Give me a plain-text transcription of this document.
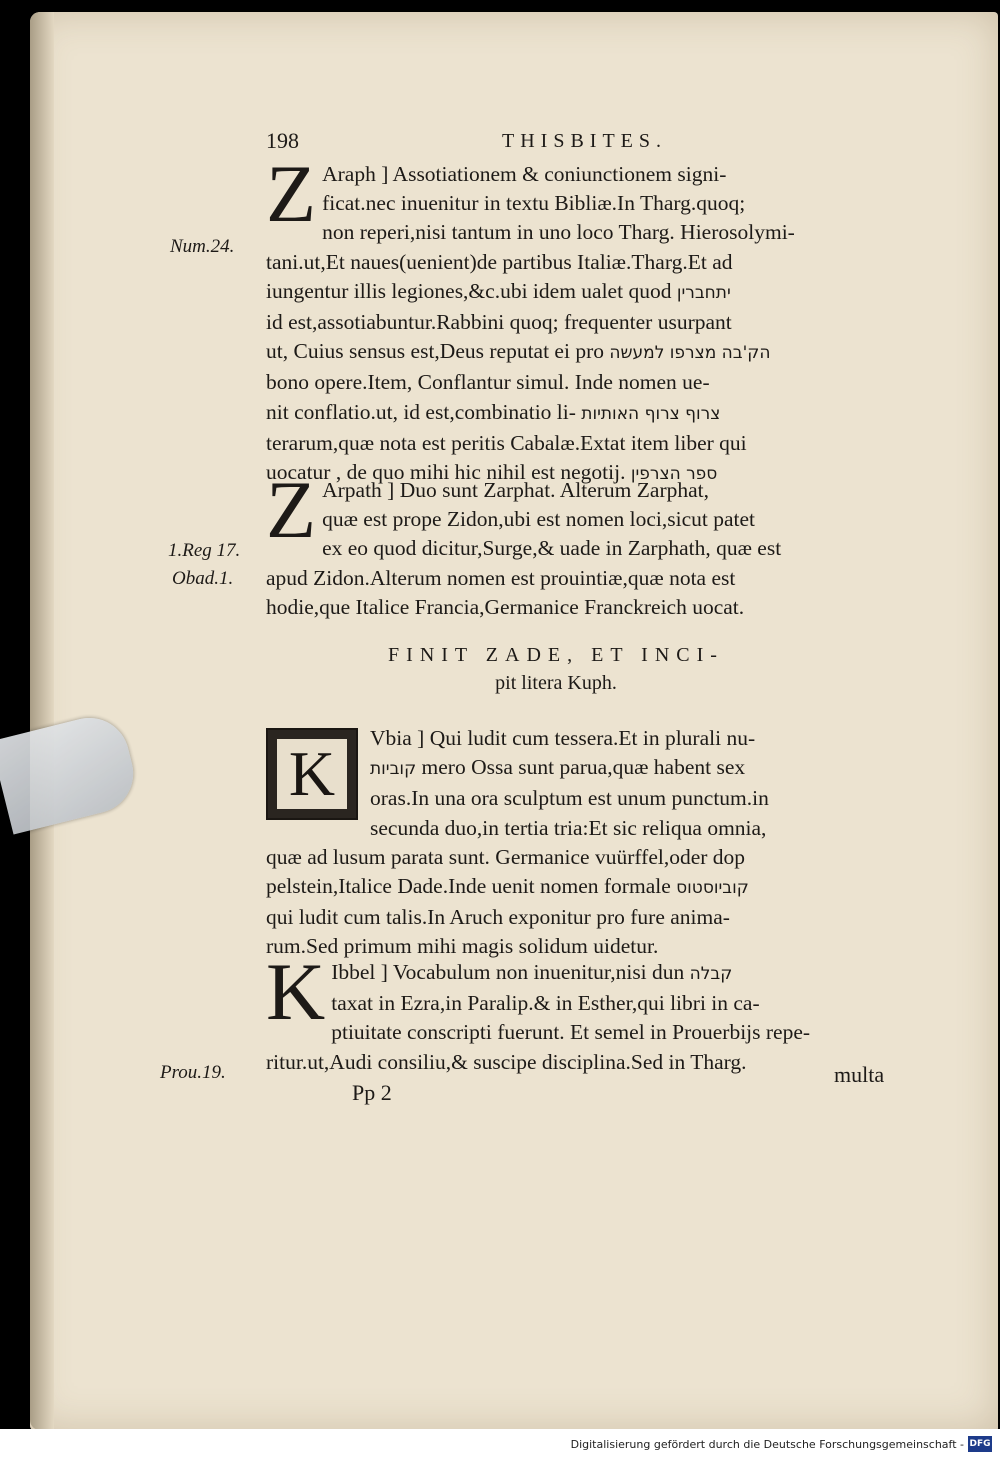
198	THISBITES.
Num.24.
1.Reg 17.
Obad.1.
Prou.19.
Z Araph ] Assotiationem & coniunctionem signi-

ficat.nec inuenitur in textu Bibliæ.In Tharg.quoq;

non reperi,nisi tantum in uno loco Tharg. Hierosolymi-

tani.ut,Et naues(uenient)de partibus Italiæ.Tharg.Et ad

iungentur illis legiones,&c.ubi idem ualet quod יתחברין

id est,assotiabuntur.Rabbini quoq; frequenter usurpant

ut, Cuius sensus est,Deus reputat ei pro הק'בה מצרפו למעשה

bono opere.Item, Conflantur simul. Inde nomen ue-

nit conflatio.ut, id est,combinatio li-	צרוף צרוף האותיות

terarum,quæ nota est peritis Cabalæ.Extat item liber qui

uocatur , de quo mihi hic nihil est negotij. ספר הצרפין

Z Arpath ] Duo sunt Zarphat. Alterum Zarphat,

quæ est prope Zidon,ubi est nomen loci,sicut patet

ex eo quod dicitur,Surge,& uade in Zarphath, quæ est

apud Zidon.Alterum nomen est prouintiæ,quæ nota est

hodie,que Italice Francia,Germanice Franckreich uocat.

FINIT ZADE, ET INCI-
pit litera Kuph.
K	Vbia ] Qui ludit cum tessera.Et in plurali nu-

קוביות mero Ossa sunt parua,quæ habent sex

oras.In una ora sculptum est unum punctum.in

secunda duo,in tertia tria:Et sic reliqua omnia,

quæ ad lusum parata sunt. Germanice vuürffel,oder dop

pelstein,Italice Dade.Inde uenit nomen formale קוביוסטוס

qui ludit cum talis.In Aruch exponitur pro fure anima-

rum.Sed primum mihi magis solidum uidetur.

K Ibbel ] Vocabulum non inuenitur,nisi dun קבלה

taxat in Ezra,in Paralip.& in Esther,qui libri in ca-

ptiuitate conscripti fuerunt. Et semel in Prouerbijs repe-

ritur.ut,Audi consiliu,& suscipe disciplina.Sed in Tharg.

Pp 2
multa
Digitalisierung gefördert durch die Deutsche Forschungsgemeinschaft - DFG
